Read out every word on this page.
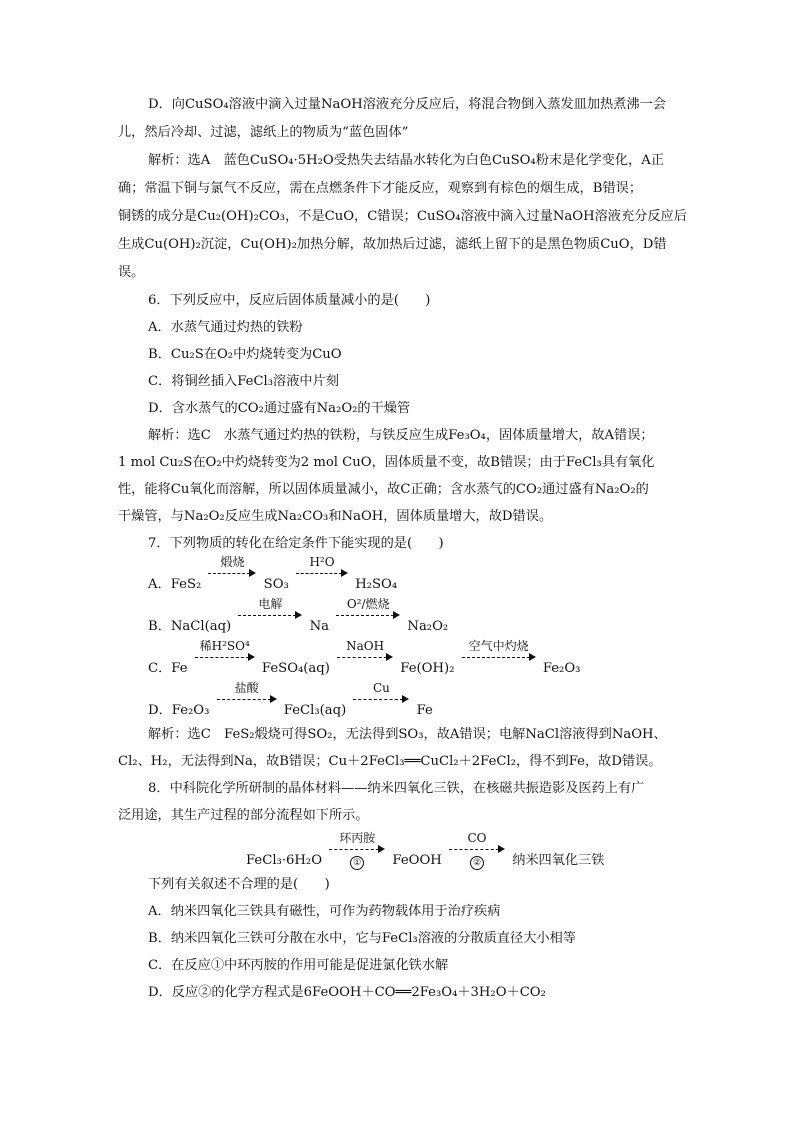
D．向CuSO₄溶液中滴入过量NaOH溶液充分反应后，将混合物倒入蒸发皿加热煮沸一会
儿，然后冷却、过滤，滤纸上的物质为“蓝色固体”
解析：选A　蓝色CuSO₄·5H₂O受热失去结晶水转化为白色CuSO₄粉末是化学变化，A正
确；常温下铜与氯气不反应，需在点燃条件下才能反应，观察到有棕色的烟生成，B错误；
铜锈的成分是Cu₂(OH)₂CO₃，不是CuO，C错误；CuSO₄溶液中滴入过量NaOH溶液充分反应后
生成Cu(OH)₂沉淀，Cu(OH)₂加热分解，故加热后过滤，滤纸上留下的是黑色物质CuO，D错
误。
6．下列反应中，反应后固体质量减小的是(　　)
A．水蒸气通过灼热的铁粉
B．Cu₂S在O₂中灼烧转变为CuO
C．将铜丝插入FeCl₃溶液中片刻
D．含水蒸气的CO₂通过盛有Na₂O₂的干燥管
解析：选C　水蒸气通过灼热的铁粉，与铁反应生成Fe₃O₄，固体质量增大，故A错误；
1 mol Cu₂S在O₂中灼烧转变为2 mol CuO，固体质量不变，故B错误；由于FeCl₃具有氧化
性，能将Cu氧化而溶解，所以固体质量减小，故C正确；含水蒸气的CO₂通过盛有Na₂O₂的
干燥管，与Na₂O₂反应生成Na₂CO₃和NaOH，固体质量增大，故D错误。
7．下列物质的转化在给定条件下能实现的是(　　)
A．FeS₂
煅烧
SO₃
H²O
H₂SO₄
B．NaCl(aq)
电解
Na
O²/燃烧
Na₂O₂
C．Fe
稀H²SO⁴
FeSO₄(aq)
NaOH
Fe(OH)₂
空气中灼烧
Fe₂O₃
D．Fe₂O₃
盐酸
FeCl₃(aq)
Cu
Fe
解析：选C　FeS₂煅烧可得SO₂，无法得到SO₃，故A错误；电解NaCl溶液得到NaOH、
Cl₂、H₂，无法得到Na，故B错误；Cu＋2FeCl₃══CuCl₂＋2FeCl₂，得不到Fe，故D错误。
8．中科院化学所研制的晶体材料——纳米四氧化三铁，在核磁共振造影及医药上有广
泛用途，其生产过程的部分流程如下所示。
FeCl₃·6H₂O
环丙胺
①	FeOOH
CO
②	纳米四氧化三铁
下列有关叙述不合理的是(　　)
A．纳米四氧化三铁具有磁性，可作为药物载体用于治疗疾病
B．纳米四氧化三铁可分散在水中，它与FeCl₃溶液的分散质直径大小相等
C．在反应①中环丙胺的作用可能是促进氯化铁水解
D．反应②的化学方程式是6FeOOH＋CO══2Fe₃O₄＋3H₂O＋CO₂
